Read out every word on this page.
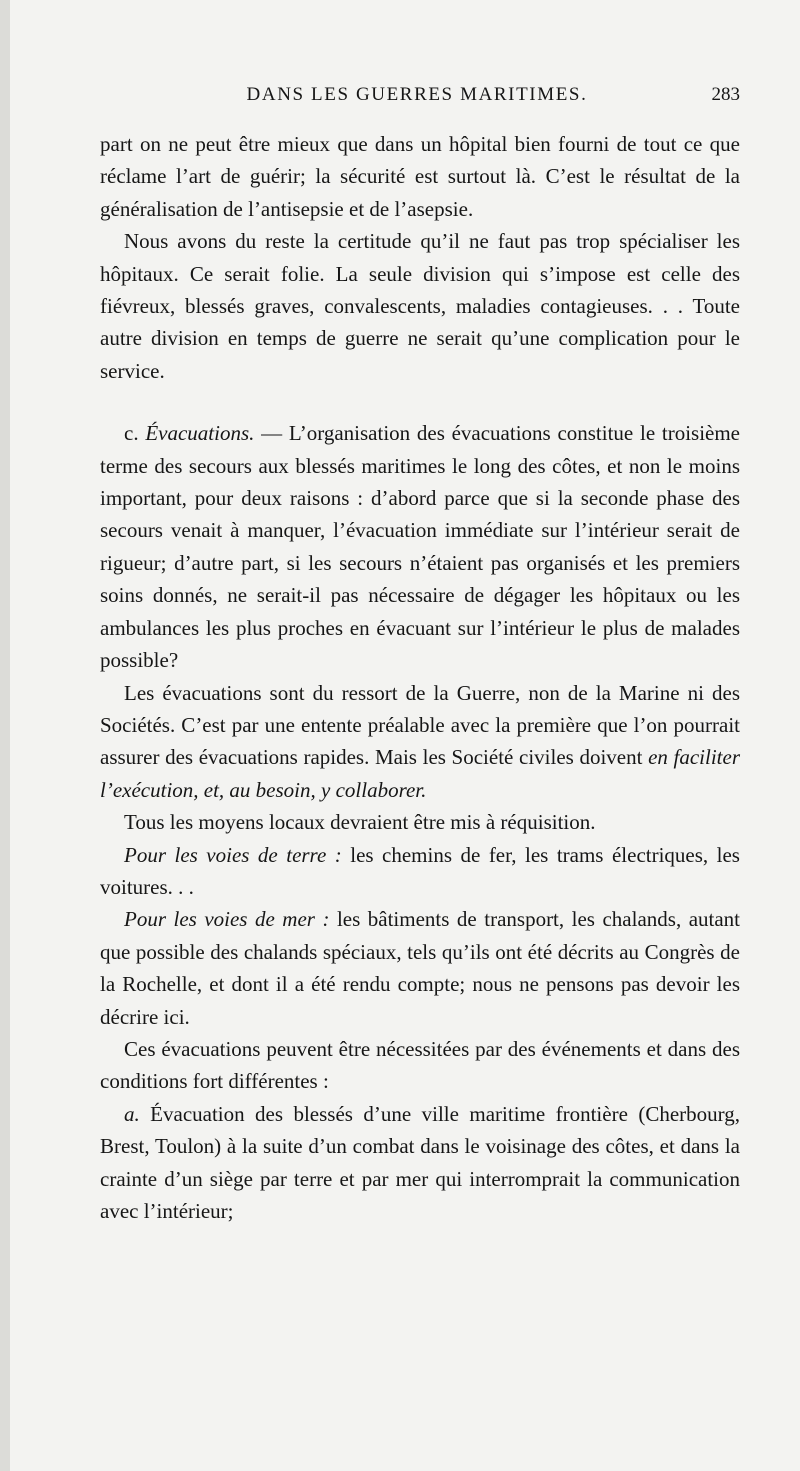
DANS LES GUERRES MARITIMES.	283

part on ne peut être mieux que dans un hôpital bien fourni de tout ce que réclame l’art de guérir; la sécurité est surtout là. C’est le résultat de la généralisation de l’antisepsie et de l’asepsie.

Nous avons du reste la certitude qu’il ne faut pas trop spécialiser les hôpitaux. Ce serait folie. La seule division qui s’impose est celle des fiévreux, blessés graves, convalescents, maladies contagieuses. . . Toute autre division en temps de guerre ne serait qu’une complication pour le service.

c. Évacuations. — L’organisation des évacuations constitue le troisième terme des secours aux blessés maritimes le long des côtes, et non le moins important, pour deux raisons : d’abord parce que si la seconde phase des secours venait à manquer, l’évacuation immédiate sur l’intérieur serait de rigueur; d’autre part, si les secours n’étaient pas organisés et les premiers soins donnés, ne serait-il pas nécessaire de dégager les hôpitaux ou les ambulances les plus proches en évacuant sur l’intérieur le plus de malades possible?

Les évacuations sont du ressort de la Guerre, non de la Marine ni des Sociétés. C’est par une entente préalable avec la première que l’on pourrait assurer des évacuations rapides. Mais les Société civiles doivent en faciliter l’exécution, et, au besoin, y collaborer.

Tous les moyens locaux devraient être mis à réquisition.

Pour les voies de terre : les chemins de fer, les trams électriques, les voitures. . .

Pour les voies de mer : les bâtiments de transport, les chalands, autant que possible des chalands spéciaux, tels qu’ils ont été décrits au Congrès de la Rochelle, et dont il a été rendu compte; nous ne pensons pas devoir les décrire ici.

Ces évacuations peuvent être nécessitées par des événements et dans des conditions fort différentes :

a. Évacuation des blessés d’une ville maritime frontière (Cherbourg, Brest, Toulon) à la suite d’un combat dans le voisinage des côtes, et dans la crainte d’un siège par terre et par mer qui interromprait la communication avec l’intérieur;
